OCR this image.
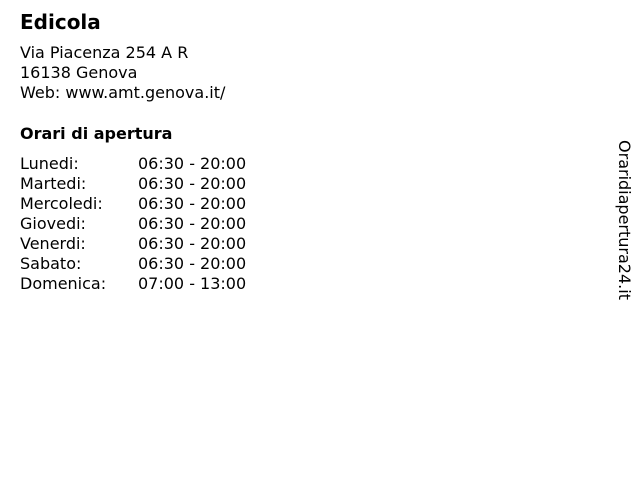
Edicola
Via Piacenza 254 A R
16138 Genova
Web: www.amt.genova.it/
Orari di apertura
Lunedi:	06:30 - 20:00
Martedi:	06:30 - 20:00
Mercoledi:	06:30 - 20:00
Giovedi:	06:30 - 20:00
Venerdi:	06:30 - 20:00
Sabato:	06:30 - 20:00
Domenica:	07:00 - 13:00	Oraridiapertura24.it
